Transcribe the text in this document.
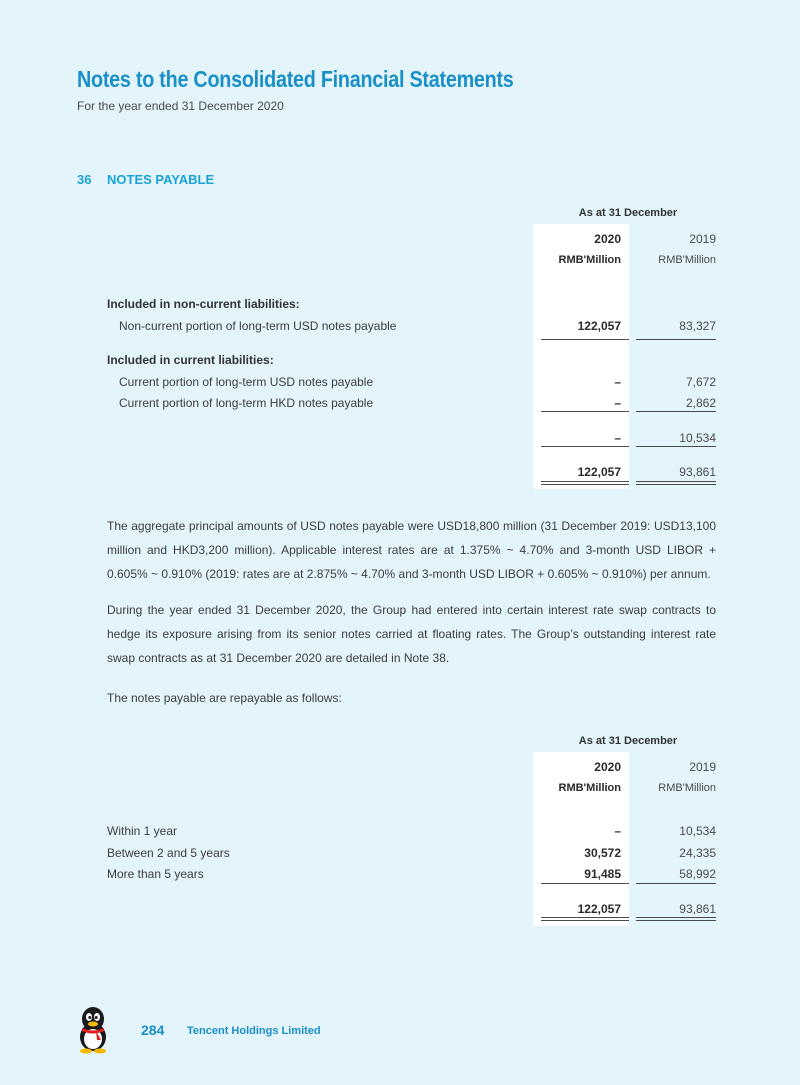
Notes to the Consolidated Financial Statements
For the year ended 31 December 2020
36 NOTES PAYABLE
As at 31 December
2020	2019
RMB'Million	RMB'Million
Included in non-current liabilities:
Non-current portion of long-term USD notes payable	122,057	83,327
Included in current liabilities:
Current portion of long-term USD notes payable	–	7,672
Current portion of long-term HKD notes payable	–	2,862
–	10,534
122,057	93,861

The aggregate principal amounts of USD notes payable were USD18,800 million (31 December 2019: USD13,100 million and HKD3,200 million). Applicable interest rates are at 1.375% ~ 4.70% and 3-month USD LIBOR + 0.605% ~ 0.910% (2019: rates are at 2.875% ~ 4.70% and 3-month USD LIBOR + 0.605% ~ 0.910%) per annum.

During the year ended 31 December 2020, the Group had entered into certain interest rate swap contracts to hedge its exposure arising from its senior notes carried at floating rates. The Group’s outstanding interest rate swap contracts as at 31 December 2020 are detailed in Note 38.

The notes payable are repayable as follows:

As at 31 December
2020	2019
RMB'Million	RMB'Million
Within 1 year	–	10,534
Between 2 and 5 years	30,572	24,335
More than 5 years	91,485	58,992
122,057	93,861
284 Tencent Holdings Limited
